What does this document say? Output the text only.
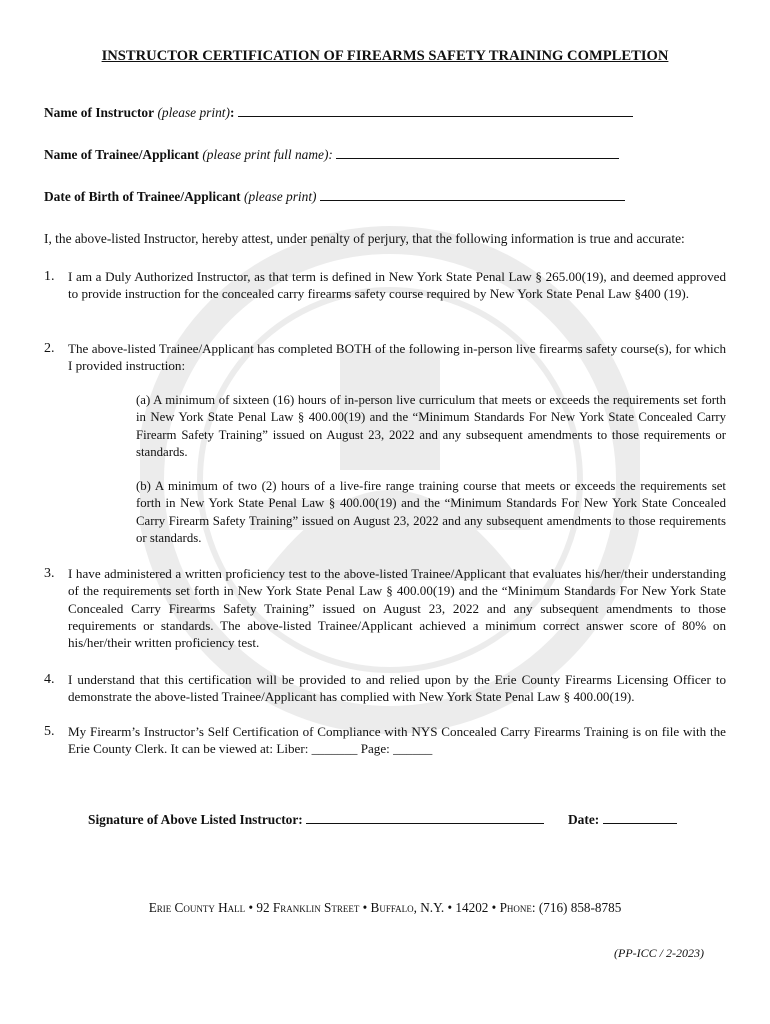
INSTRUCTOR CERTIFICATION OF FIREARMS SAFETY TRAINING COMPLETION
Name of Instructor (please print):
Name of Trainee/Applicant (please print full name):
Date of Birth of Trainee/Applicant (please print)
I, the above-listed Instructor, hereby attest, under penalty of perjury, that the following information is true and accurate:
1. I am a Duly Authorized Instructor, as that term is defined in New York State Penal Law § 265.00(19), and deemed approved to provide instruction for the concealed carry firearms safety course required by New York State Penal Law §400 (19).
2. The above-listed Trainee/Applicant has completed BOTH of the following in-person live firearms safety course(s), for which I provided instruction:
(a) A minimum of sixteen (16) hours of in-person live curriculum that meets or exceeds the requirements set forth in New York State Penal Law § 400.00(19) and the “Minimum Standards For New York State Concealed Carry Firearm Safety Training” issued on August 23, 2022 and any subsequent amendments to those requirements or standards.
(b) A minimum of two (2) hours of a live-fire range training course that meets or exceeds the requirements set forth in New York State Penal Law § 400.00(19) and the “Minimum Standards For New York State Concealed Carry Firearm Safety Training” issued on August 23, 2022 and any subsequent amendments to those requirements or standards.
3. I have administered a written proficiency test to the above-listed Trainee/Applicant that evaluates his/her/their understanding of the requirements set forth in New York State Penal Law § 400.00(19) and the “Minimum Standards For New York State Concealed Carry Firearms Safety Training” issued on August 23, 2022 and any subsequent amendments to those requirements or standards. The above-listed Trainee/Applicant achieved a minimum correct answer score of 80% on his/her/their written proficiency test.
4. I understand that this certification will be provided to and relied upon by the Erie County Firearms Licensing Officer to demonstrate the above-listed Trainee/Applicant has complied with New York State Penal Law § 400.00(19).
5. My Firearm’s Instructor’s Self Certification of Compliance with NYS Concealed Carry Firearms Training is on file with the Erie County Clerk. It can be viewed at: Liber: _______ Page: ______
Signature of Above Listed Instructor:	Date:
Erie County Hall • 92 Franklin Street • Buffalo, N.Y. • 14202 • Phone: (716) 858-8785
(PP-ICC / 2-2023)
